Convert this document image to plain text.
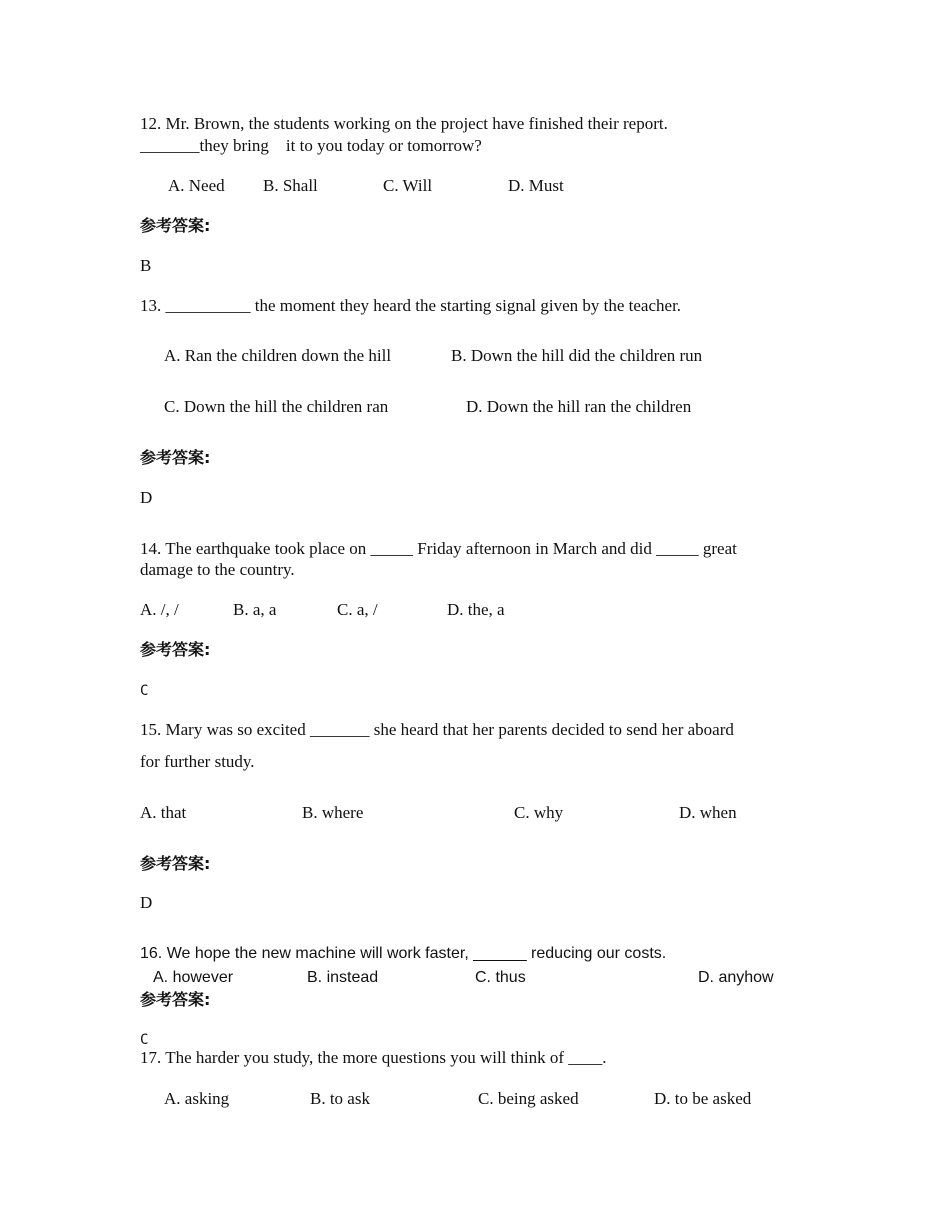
12. Mr. Brown, the students working on the project have finished their report.
_______they bring    it to you today or tomorrow?
A. Need B. Shall	C. Will	D. Must
参考答案:
B
13. __________ the moment they heard the starting signal given by the teacher.
A. Ran the children down the hill	B. Down the hill did the children run
C. Down the hill the children ran	D. Down the hill ran the children
参考答案:
D
14. The earthquake took place on _____ Friday afternoon in March and did _____ great
damage to the country.
A. /, /	B. a, a	C. a, /	D. the, a
参考答案:
C
15. Mary was so excited _______ she heard that her parents decided to send her aboard
for further study.
A. that	B. where	C. why	D. when
参考答案:
D
16. We hope the new machine will work faster, ______ reducing our costs.
A. however	B. instead	C. thus	D. anyhow
参考答案:
C
17. The harder you study, the more questions you will think of ____.
A. asking	B. to ask	C. being asked	D. to be asked
